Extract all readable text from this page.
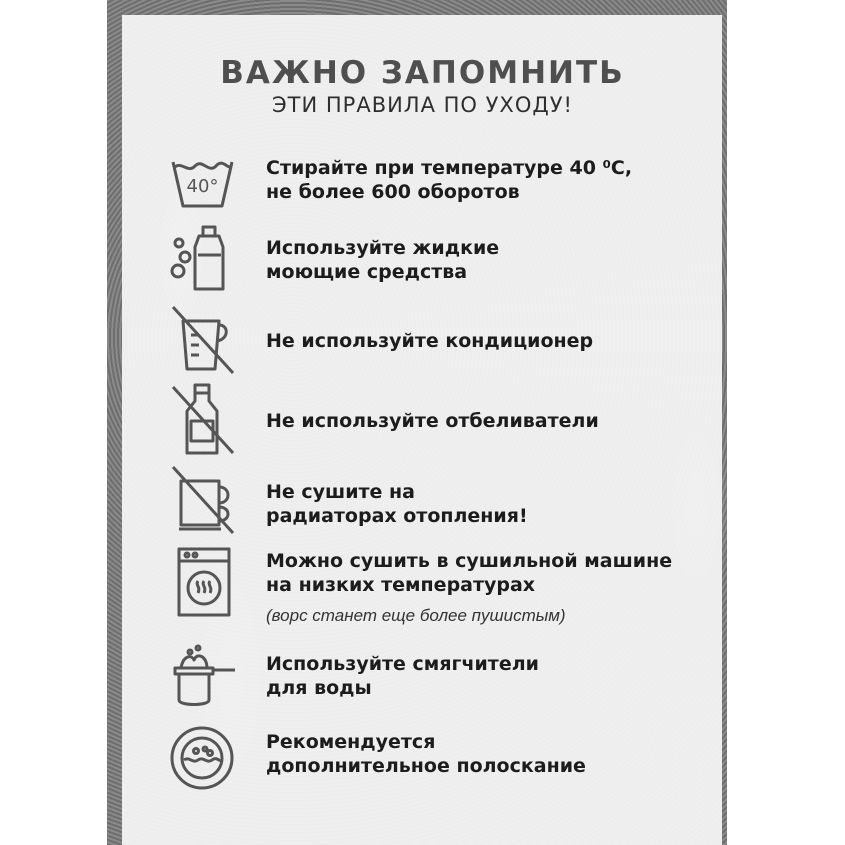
ВАЖНО ЗАПОМНИТЬ
ЭТИ ПРАВИЛА ПО УХОДУ!
40°
Стирайте при температуре 40 ⁰C,
не более 600 оборотов
Используйте жидкие
моющие средства
Не используйте кондиционер
Не используйте отбеливатели
Не сушите на
радиаторах отопления!
Можно сушить в сушильной машине
на низких температурах
(ворс станет еще более пушистым)
Используйте смягчители
для воды
Рекомендуется
дополнительное полоскание
